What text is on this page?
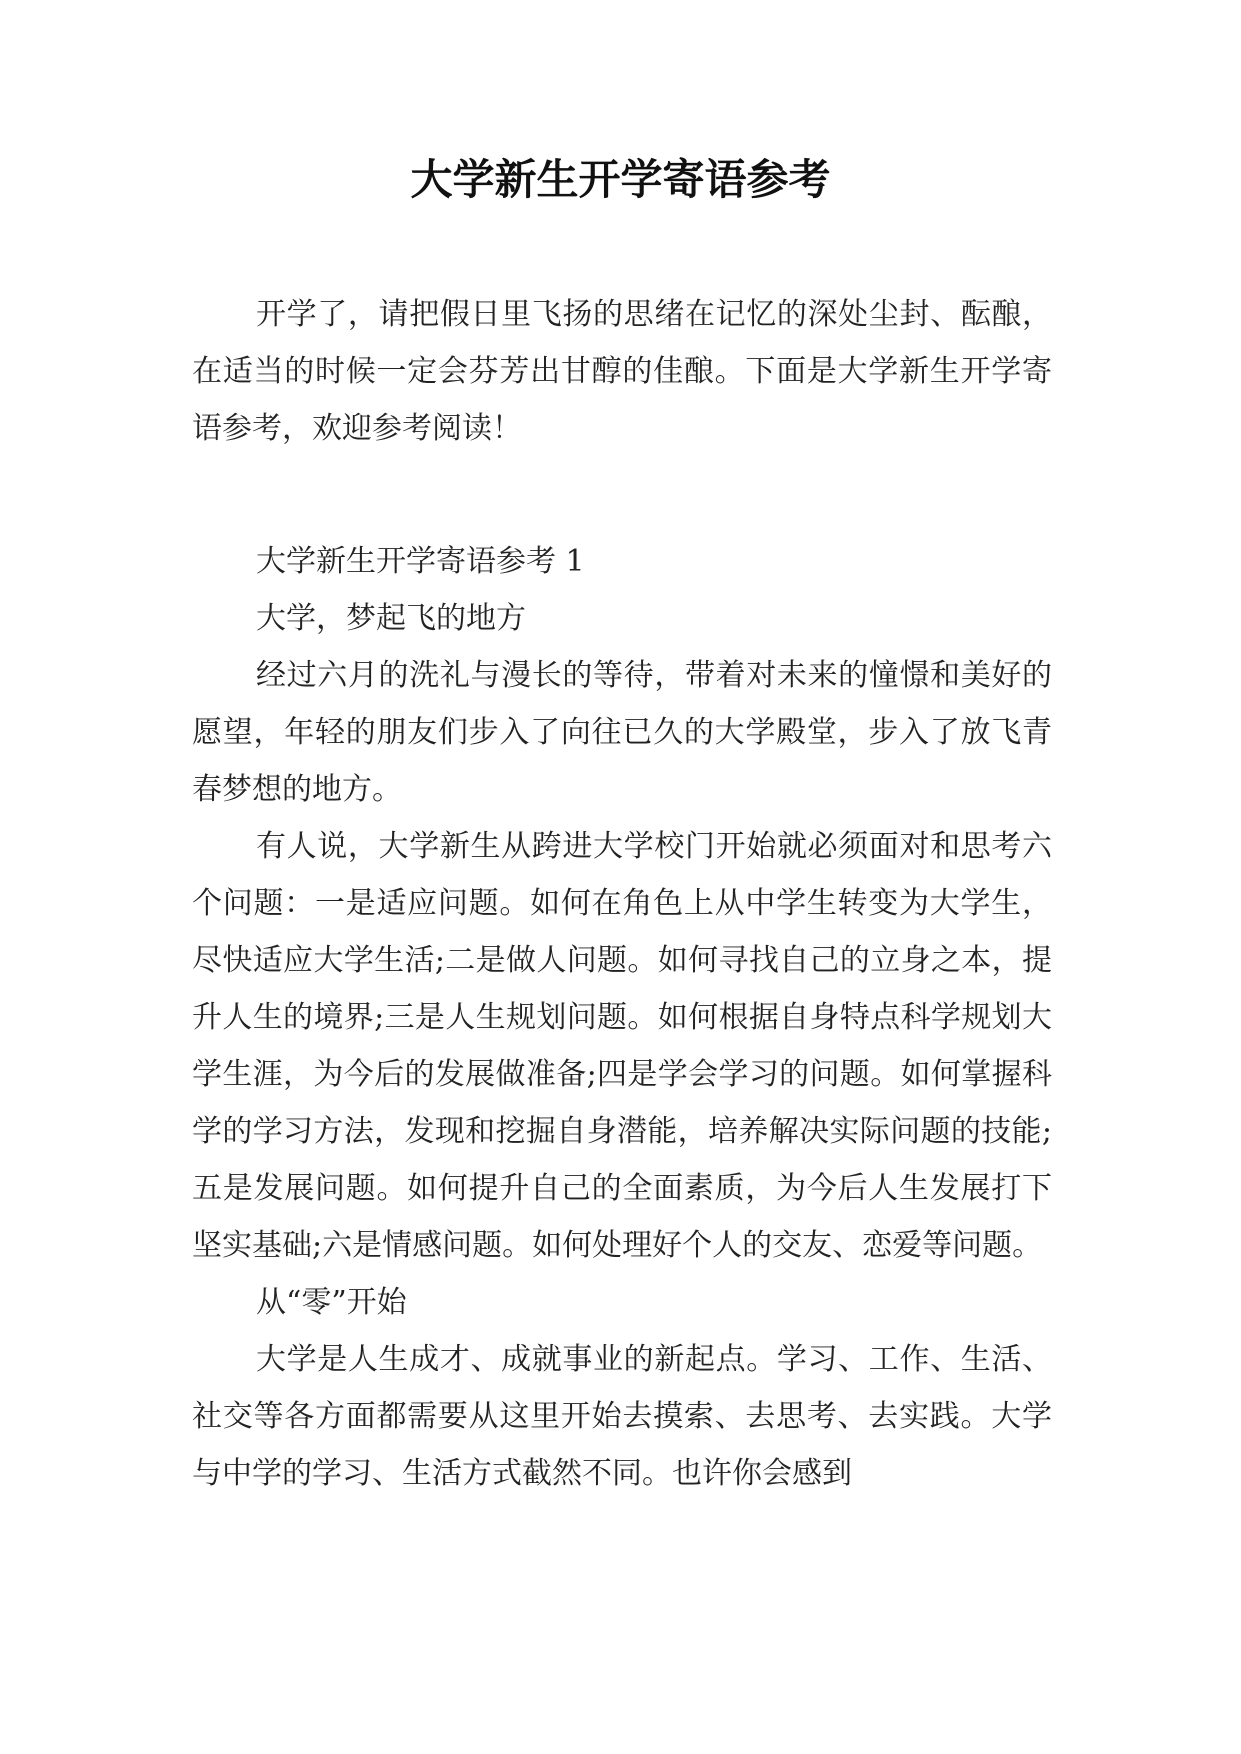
大学新生开学寄语参考

开学了，请把假日里飞扬的思绪在记忆的深处尘封、酝酿，在适当的时候一定会芬芳出甘醇的佳酿。下面是大学新生开学寄语参考，欢迎参考阅读！

大学新生开学寄语参考 1

大学，梦起飞的地方

经过六月的洗礼与漫长的等待，带着对未来的憧憬和美好的愿望，年轻的朋友们步入了向往已久的大学殿堂，步入了放飞青春梦想的地方。

有人说，大学新生从跨进大学校门开始就必须面对和思考六个问题：一是适应问题。如何在角色上从中学生转变为大学生，尽快适应大学生活;二是做人问题。如何寻找自己的立身之本，提升人生的境界;三是人生规划问题。如何根据自身特点科学规划大学生涯，为今后的发展做准备;四是学会学习的问题。如何掌握科学的学习方法，发现和挖掘自身潜能，培养解决实际问题的技能;五是发展问题。如何提升自己的全面素质，为今后人生发展打下坚实基础;六是情感问题。如何处理好个人的交友、恋爱等问题。

从“零”开始

大学是人生成才、成就事业的新起点。学习、工作、生活、社交等各方面都需要从这里开始去摸索、去思考、去实践。大学与中学的学习、生活方式截然不同。也许你会感到
